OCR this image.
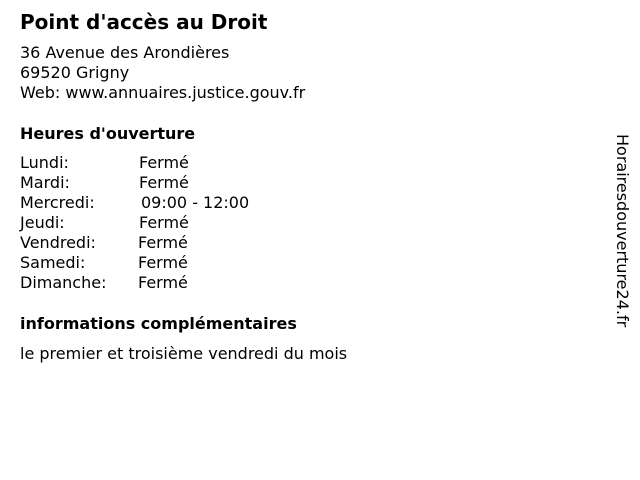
Point d'accès au Droit
36 Avenue des Arondières
69520 Grigny
Web: www.annuaires.justice.gouv.fr
Heures d'ouverture
Lundi:	Fermé
Mardi:	Fermé
Mercredi:	09:00 - 12:00
Jeudi:	Fermé
Vendredi:	Fermé
Samedi:	Fermé
Dimanche: Fermé
informations complémentaires
le premier et troisième vendredi du mois
Horairesdouverture24.fr
